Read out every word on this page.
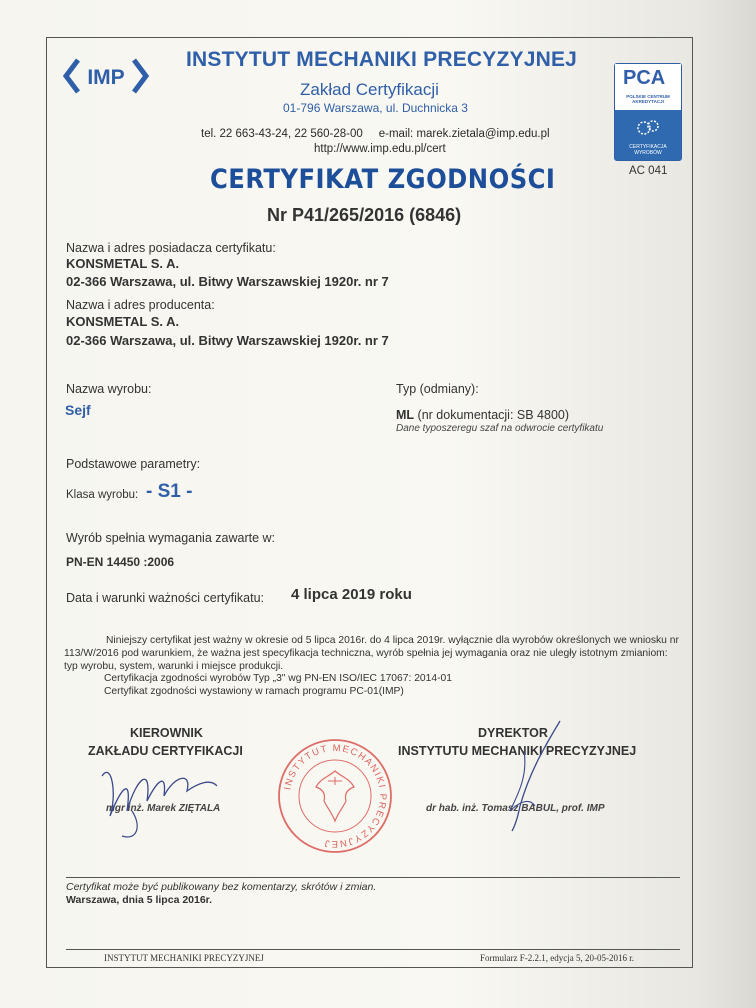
IMP
INSTYTUT MECHANIKI PRECYZYJNEJ
Zakład Certyfikacji
01-796 Warszawa, ul. Duchnicka 3
tel. 22 663-43-24, 22 560-28-00 e-mail: marek.zietala@imp.edu.pl
http://www.imp.edu.pl/cert
PCA
POLSKIE CENTRUM AKREDYTACJI
CERTYFIKACJA WYROBÓW
AC 041
CERTYFIKAT ZGODNOŚCI
Nr P41/265/2016 (6846)
Nazwa i adres posiadacza certyfikatu:
KONSMETAL S. A.
02-366 Warszawa, ul. Bitwy Warszawskiej 1920r. nr 7
Nazwa i adres producenta:
KONSMETAL S. A.
02-366 Warszawa, ul. Bitwy Warszawskiej 1920r. nr 7
Nazwa wyrobu:
Sejf
Typ (odmiany):
ML (nr dokumentacji: SB 4800)
Dane typoszeregu szaf na odwrocie certyfikatu
Podstawowe parametry:
Klasa wyrobu: - S1 -
Wyrób spełnia wymagania zawarte w:
PN-EN 14450 :2006
Data i warunki ważności certyfikatu: 4 lipca 2019 roku
Niniejszy certyfikat jest ważny w okresie od 5 lipca 2016r. do 4 lipca 2019r. wyłącznie dla wyrobów określonych we wniosku nr 113/W/2016 pod warunkiem, że ważna jest specyfikacja techniczna, wyrób spełnia jej wymagania oraz nie uległy istotnym zmianiom: typ wyrobu, system, warunki i miejsce produkcji.
Certyfikacja zgodności wyrobów Typ „3" wg PN-EN ISO/IEC 17067: 2014-01
Certyfikat zgodności wystawiony w ramach programu PC-01(IMP)
KIEROWNIK
ZAKŁADU CERTYFIKACJI
mgr inż. Marek ZIĘTALA
DYREKTOR
INSTYTUTU MECHANIKI PRECYZYJNEJ
dr hab. inż. Tomasz BABUL, prof. IMP
INSTYTUT MECHANIKI PRECYZYJNEJ
Certyfikat może być publikowany bez komentarzy, skrótów i zmian.
Warszawa, dnia 5 lipca 2016r.
INSTYTUT MECHANIKI PRECYZYJNEJ	Formularz F-2.2.1, edycja 5, 20-05-2016 r.
